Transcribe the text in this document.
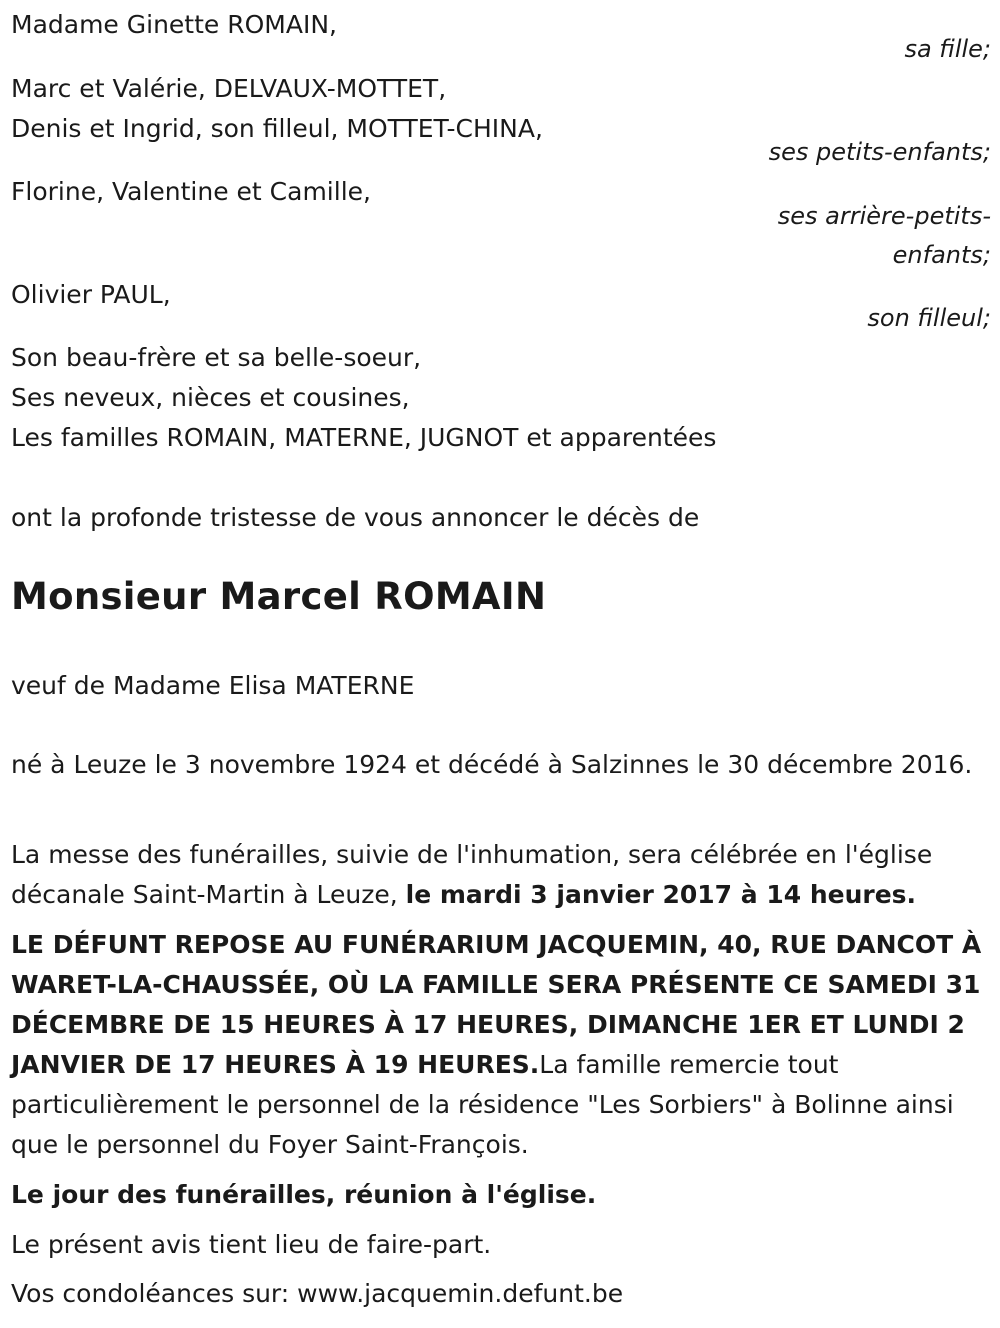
Madame Ginette ROMAIN,

sa fille;

Marc et Valérie, DELVAUX-MOTTET,

Denis et Ingrid, son filleul, MOTTET-CHINA,

ses petits-enfants;

Florine, Valentine et Camille,

ses arrière-petits-

enfants;

Olivier PAUL,

son filleul;

Son beau-frère et sa belle-soeur,

Ses neveux, nièces et cousines,

Les familles ROMAIN, MATERNE, JUGNOT et apparentées

ont la profonde tristesse de vous annoncer le décès de

Monsieur Marcel ROMAIN

veuf de Madame Elisa MATERNE

né à Leuze le 3 novembre 1924 et décédé à Salzinnes le 30 décembre 2016.

La messe des funérailles, suivie de l'inhumation, sera célébrée en l'église décanale Saint-Martin à Leuze, le mardi 3 janvier 2017 à 14 heures.

LE DÉFUNT REPOSE AU FUNÉRARIUM JACQUEMIN, 40, RUE DANCOT À WARET-LA-CHAUSSÉE, OÙ LA FAMILLE SERA PRÉSENTE CE SAMEDI 31 DÉCEMBRE DE 15 HEURES À 17 HEURES, DIMANCHE 1ER ET LUNDI 2 JANVIER DE 17 HEURES À 19 HEURES.La famille remercie tout particulièrement le personnel de la résidence "Les Sorbiers" à Bolinne ainsi que le personnel du Foyer Saint-François.

Le jour des funérailles, réunion à l'église.

Le présent avis tient lieu de faire-part.

Vos condoléances sur: www.jacquemin.defunt.be
